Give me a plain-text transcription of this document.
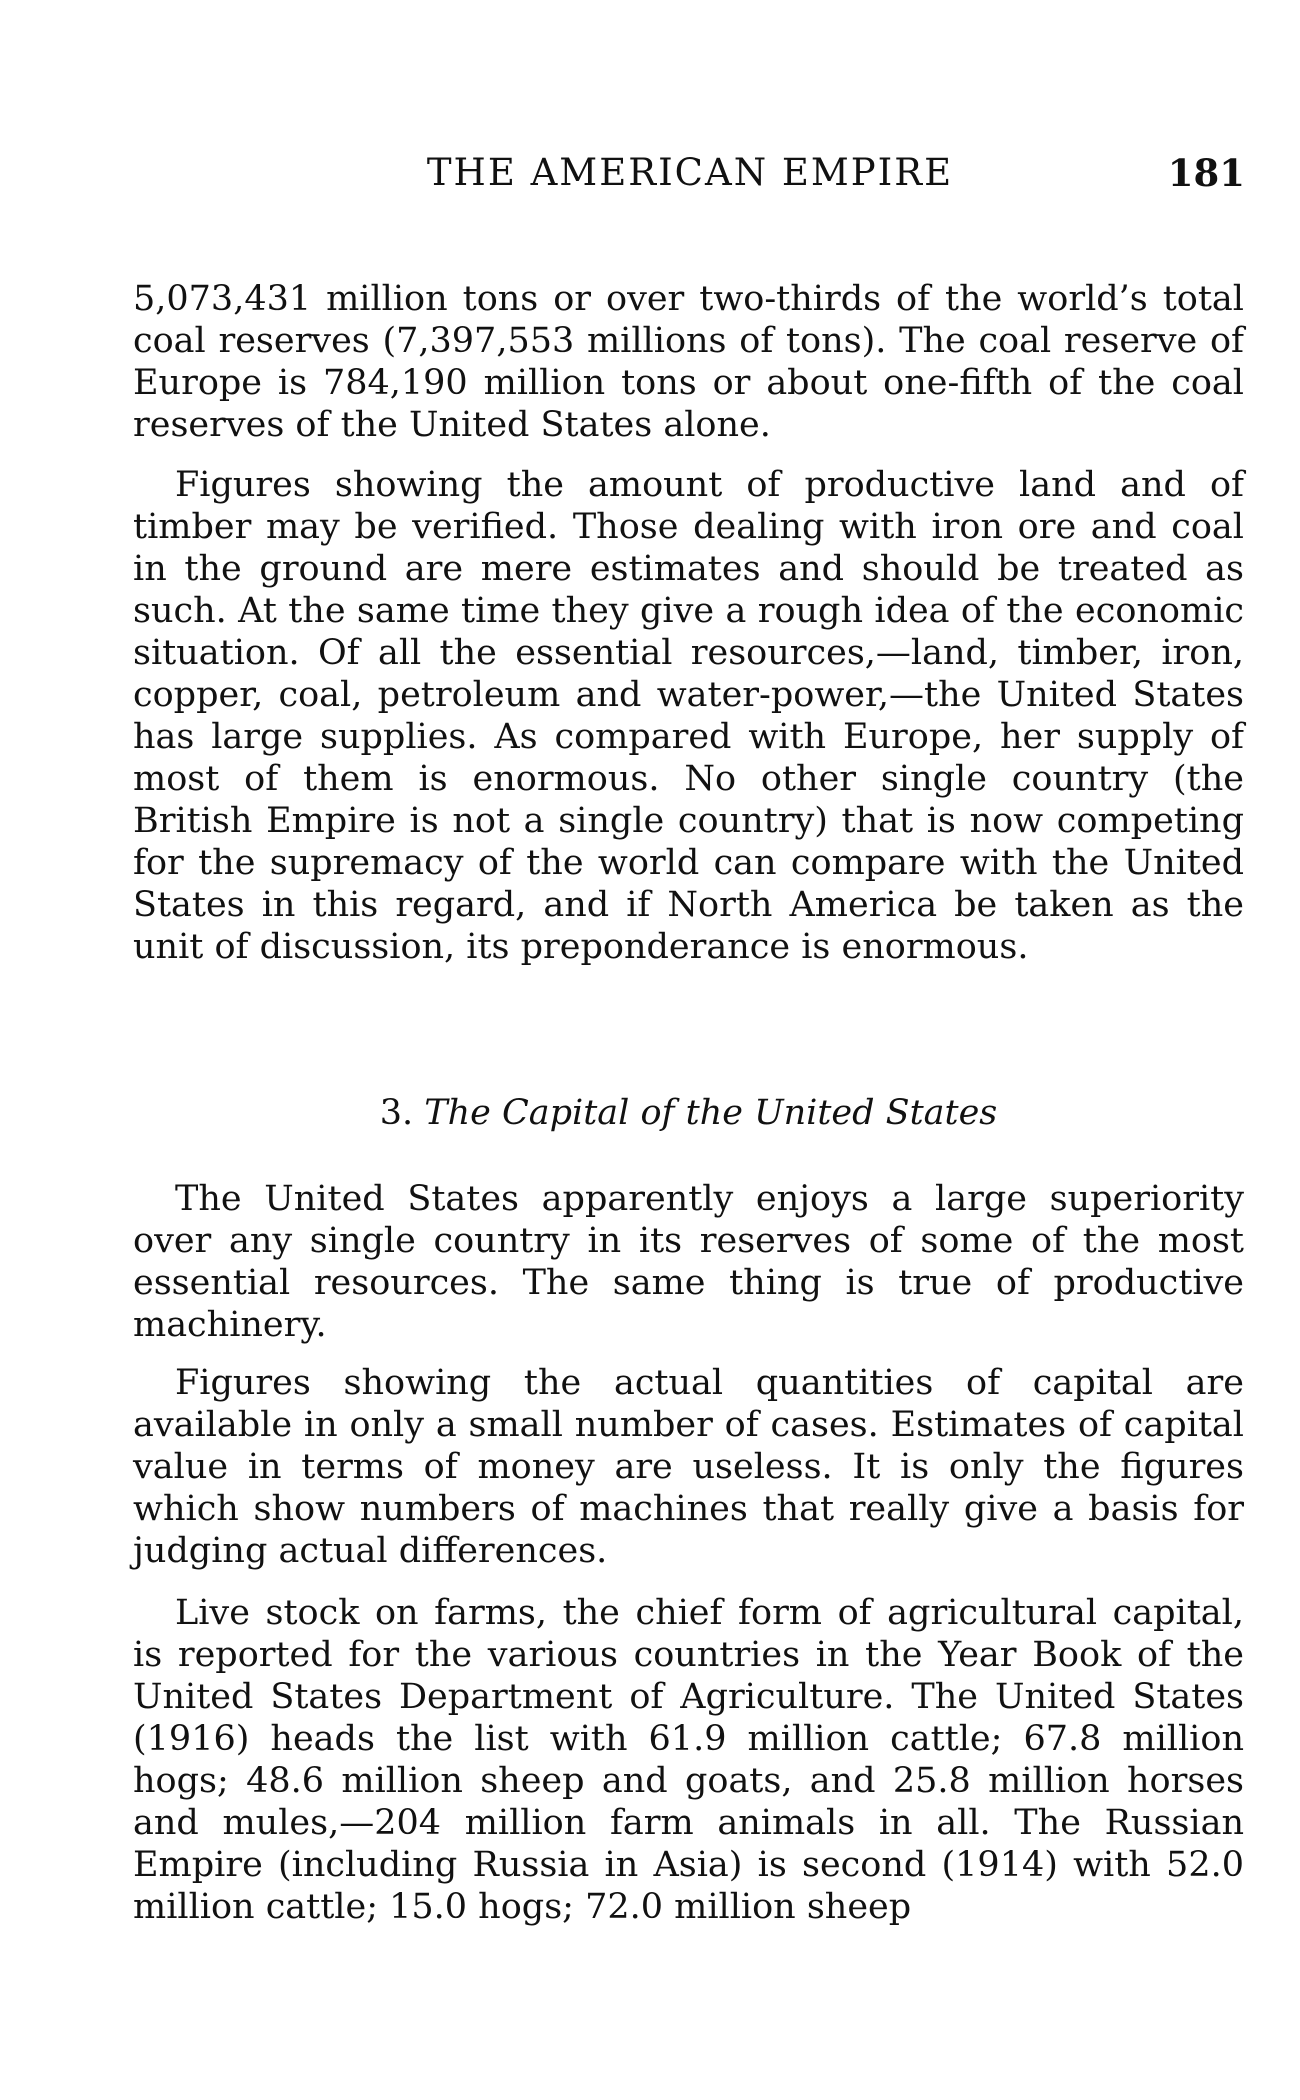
THE AMERICAN EMPIRE	181

5,073,431 million tons or over two-thirds of the world’s total coal reserves (7,397,553 millions of tons). The coal reserve of Europe is 784,190 million tons or about one-fifth of the coal reserves of the United States alone.

Figures showing the amount of productive land and of timber may be verified. Those dealing with iron ore and coal in the ground are mere estimates and should be treated as such. At the same time they give a rough idea of the economic situation. Of all the essential resources,—land, timber, iron, copper, coal, petroleum and water-power,—the United States has large supplies. As compared with Europe, her supply of most of them is enormous. No other single country (the British Empire is not a single country) that is now competing for the supremacy of the world can compare with the United States in this regard, and if North America be taken as the unit of discussion, its preponderance is enormous.

3. The Capital of the United States

The United States apparently enjoys a large superiority over any single country in its reserves of some of the most essential resources. The same thing is true of productive machinery.

Figures showing the actual quantities of capital are available in only a small number of cases. Estimates of capital value in terms of money are useless. It is only the figures which show numbers of machines that really give a basis for judging actual differences.

Live stock on farms, the chief form of agricultural capital, is reported for the various countries in the Year Book of the United States Department of Agriculture. The United States (1916) heads the list with 61.9 million cattle; 67.8 million hogs; 48.6 million sheep and goats, and 25.8 million horses and mules,—204 million farm animals in all. The Russian Empire (including Russia in Asia) is second (1914) with 52.0 million cattle; 15.0 hogs; 72.0 million sheep
